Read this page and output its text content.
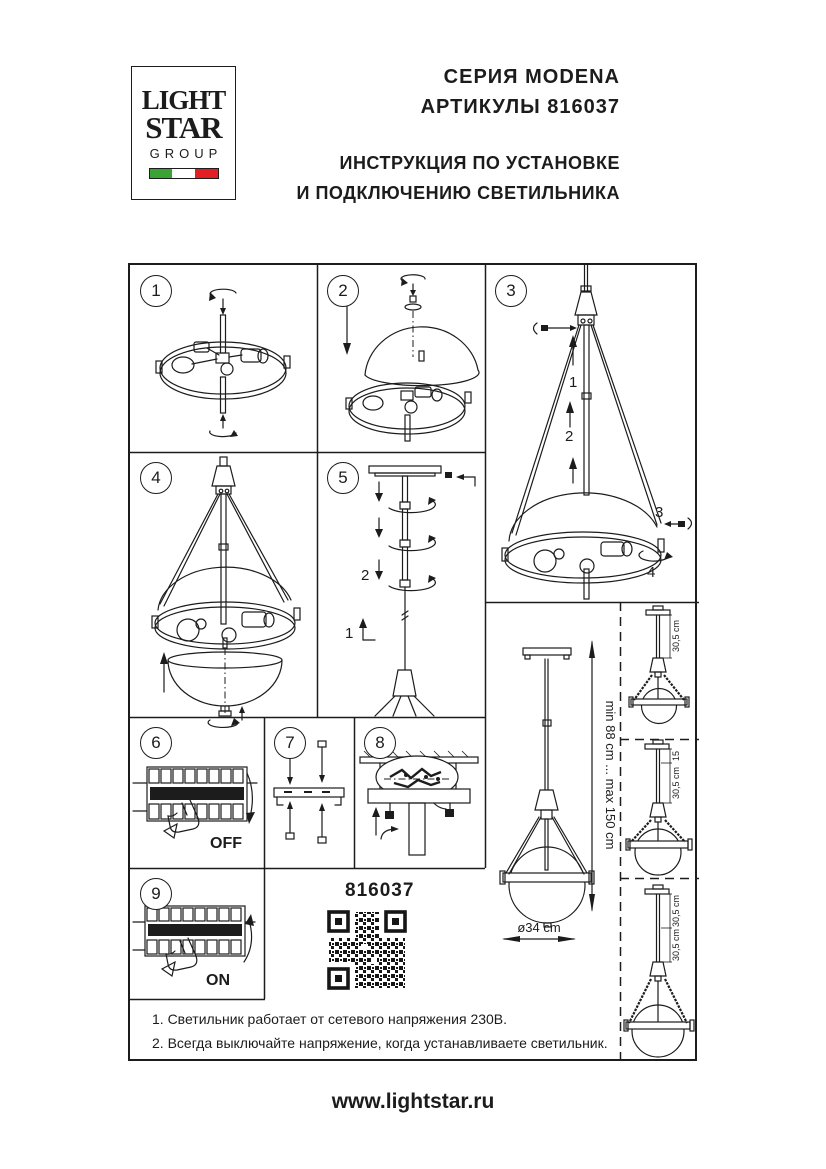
LIGHT
STAR
GROUP
СЕРИЯ MODENA
АРТИКУЛЫ 816037
ИНСТРУКЦИЯ ПО УСТАНОВКЕ
И ПОДКЛЮЧЕНИЮ СВЕТИЛЬНИКА
1	2	3
4	5
6	7	8
9
1
2
3
4
2
1
OFF
ON
816037
min 88 cm ... max 150 cm
ø34 cm
30,5 cm
15
30,5 cm
30,5 cm
30,5 cm
1. Светильник работает от сетевого напряжения 230В.
2. Всегда выключайте напряжение, когда устанавливаете светильник.
www.lightstar.ru
